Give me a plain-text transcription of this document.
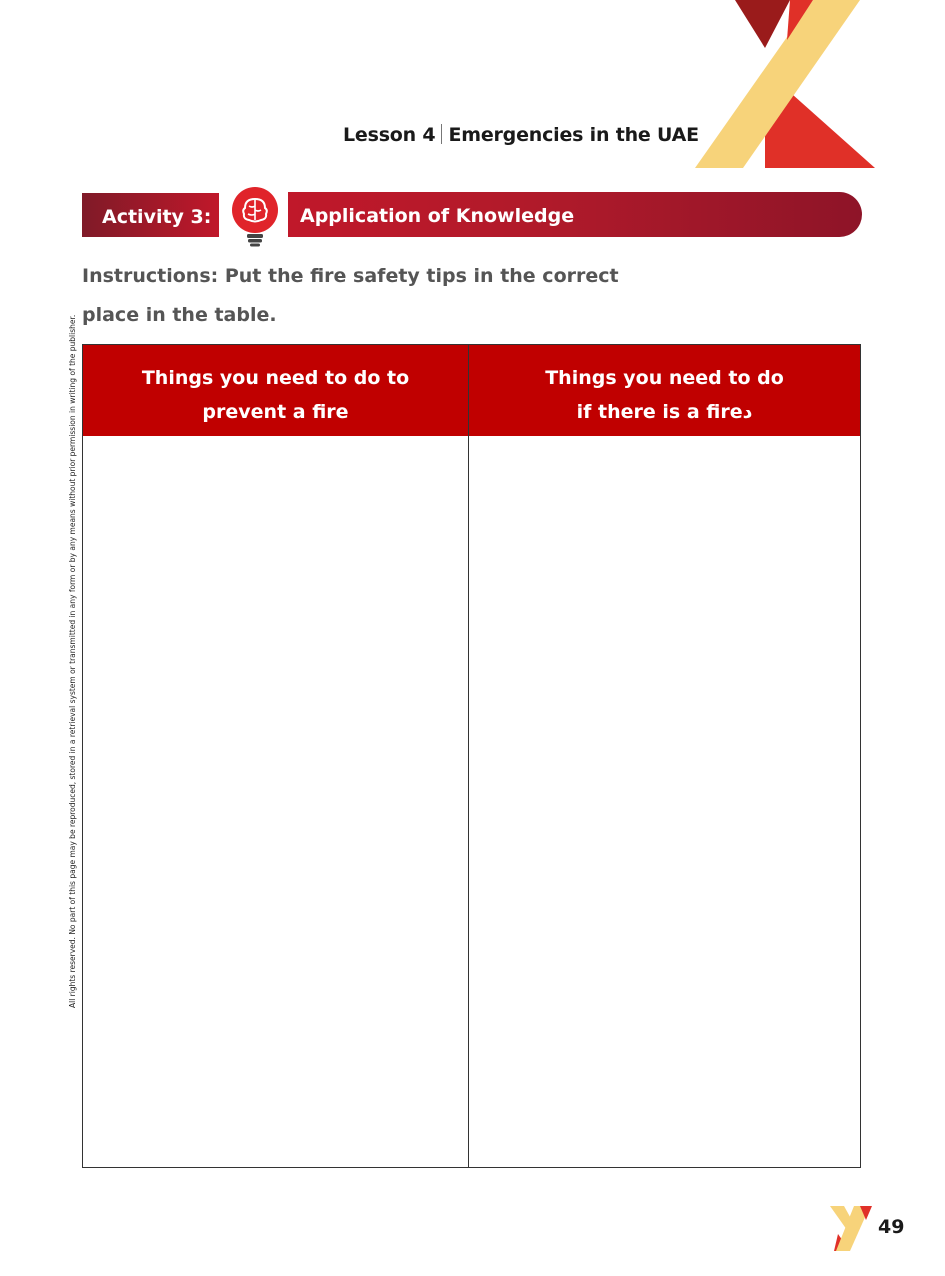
Lesson 4 Emergencies in the UAE
Activity 3:	Application of Knowledge
Instructions: Put the fire safety tips in the correct
place in the table.
All rights reserved. No part of this page may be reproduced, stored in a retrieval system or transmitted in any form or by any means without prior permission in writing of the publisher.	Things you need to do to
prevent a fire
Things you need to do
if there is a fireد
49
